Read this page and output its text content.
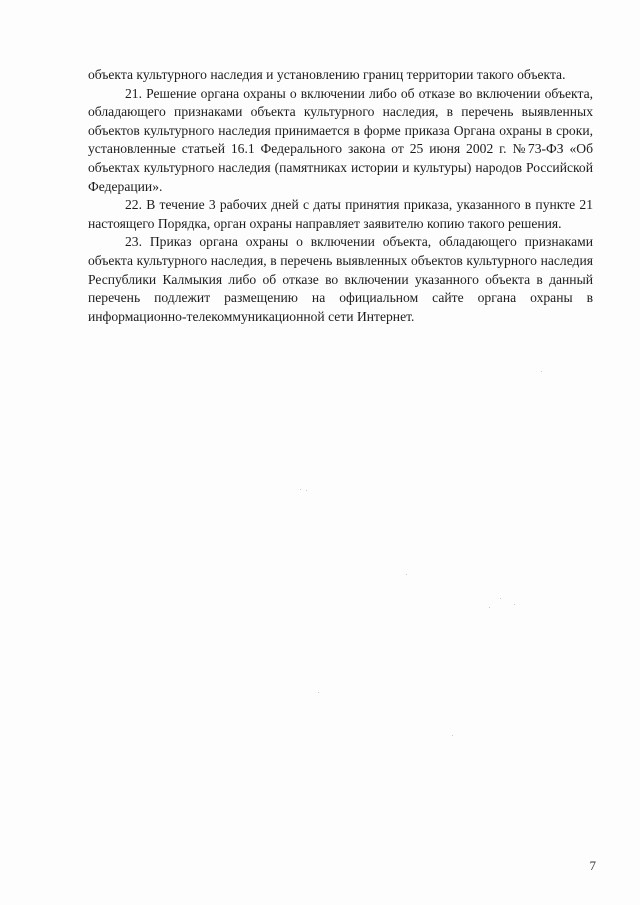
объекта культурного наследия и установлению границ территории такого объекта.

21. Решение органа охраны о включении либо об отказе во включении объекта, обладающего признаками объекта культурного наследия, в перечень выявленных объектов культурного наследия принимается в форме приказа Органа охраны в сроки, установленные статьей 16.1 Федерального закона от 25 июня 2002 г. №73-ФЗ «Об объектах культурного наследия (памятниках истории и культуры) народов Российской Федерации».

22. В течение 3 рабочих дней с даты принятия приказа, указанного в пункте 21 настоящего Порядка, орган охраны направляет заявителю копию такого решения.

23. Приказ органа охраны о включении объекта, обладающего признаками объекта культурного наследия, в перечень выявленных объектов культурного наследия Республики Калмыкия либо об отказе во включении указанного объекта в данный перечень подлежит размещению на официальном сайте органа охраны в информационно-телекоммуникационной сети Интернет.

7
